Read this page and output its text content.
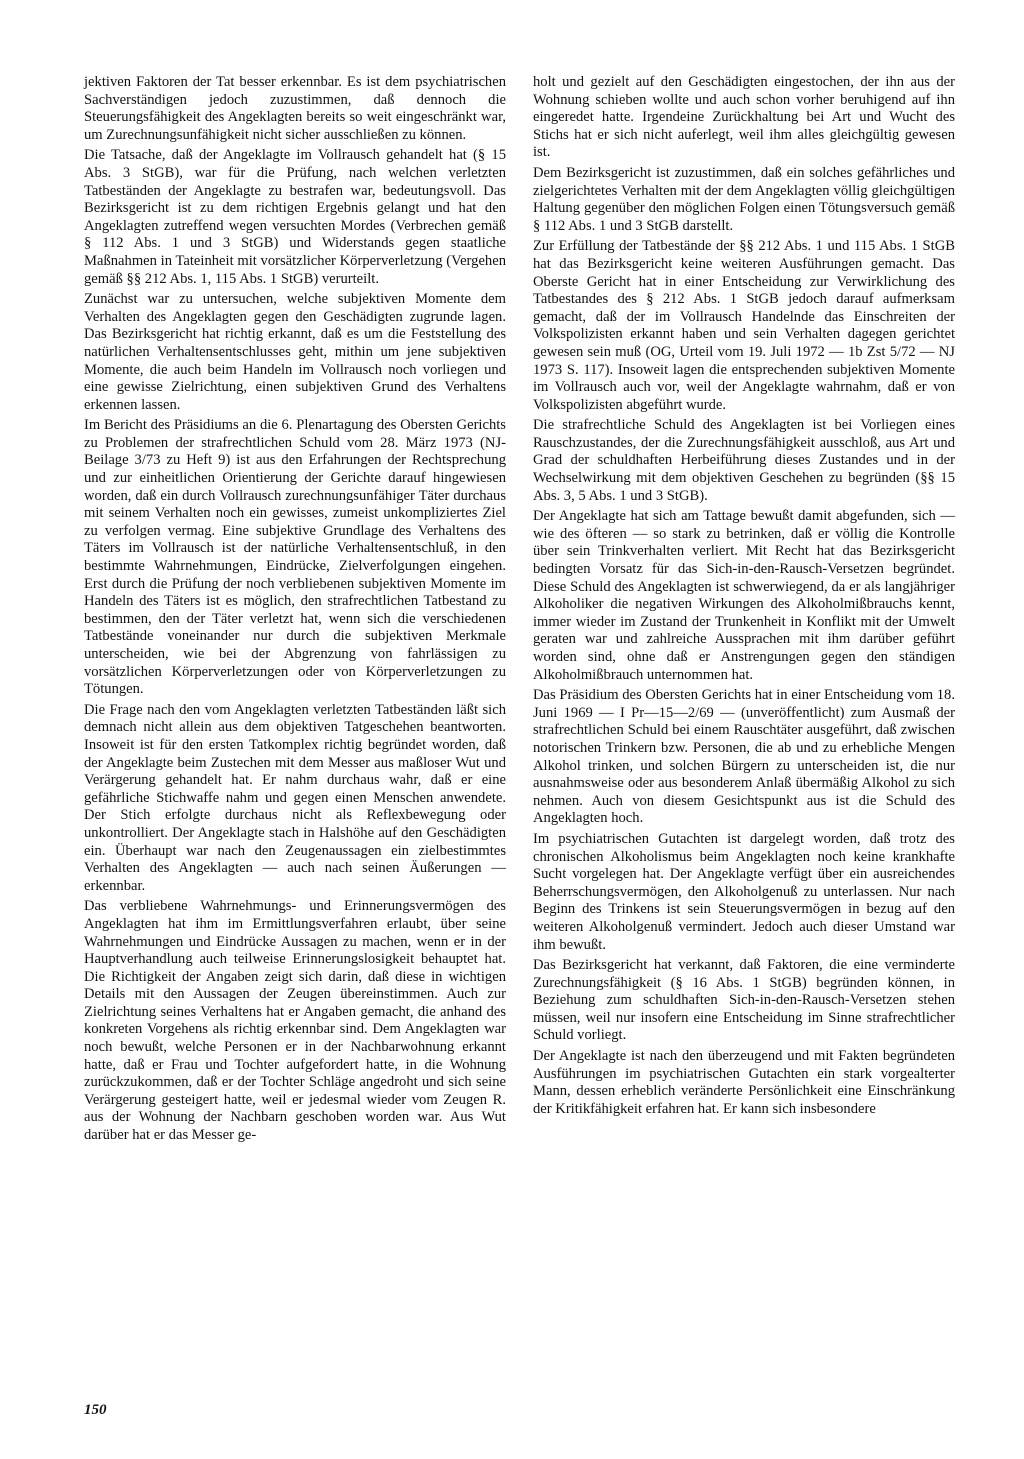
jektiven Faktoren der Tat besser erkennbar. Es ist dem psychiatrischen Sachverständigen jedoch zuzustimmen, daß dennoch die Steuerungsfähigkeit des Angeklagten bereits so weit eingeschränkt war, um Zurechnungsunfähigkeit nicht sicher ausschließen zu können.

Die Tatsache, daß der Angeklagte im Vollrausch gehandelt hat (§ 15 Abs. 3 StGB), war für die Prüfung, nach welchen verletzten Tatbeständen der Angeklagte zu bestrafen war, bedeutungsvoll. Das Bezirksgericht ist zu dem richtigen Ergebnis gelangt und hat den Angeklagten zutreffend wegen versuchten Mordes (Verbrechen gemäß § 112 Abs. 1 und 3 StGB) und Widerstands gegen staatliche Maßnahmen in Tateinheit mit vorsätzlicher Körperverletzung (Vergehen gemäß §§ 212 Abs. 1, 115 Abs. 1 StGB) verurteilt.

Zunächst war zu untersuchen, welche subjektiven Momente dem Verhalten des Angeklagten gegen den Geschädigten zugrunde lagen. Das Bezirksgericht hat richtig erkannt, daß es um die Feststellung des natürlichen Verhaltensentschlusses geht, mithin um jene subjektiven Momente, die auch beim Handeln im Vollrausch noch vorliegen und eine gewisse Zielrichtung, einen subjektiven Grund des Verhaltens erkennen lassen.

Im Bericht des Präsidiums an die 6. Plenartagung des Obersten Gerichts zu Problemen der strafrechtlichen Schuld vom 28. März 1973 (NJ-Beilage 3/73 zu Heft 9) ist aus den Erfahrungen der Rechtsprechung und zur einheitlichen Orientierung der Gerichte darauf hingewiesen worden, daß ein durch Vollrausch zurechnungsunfähiger Täter durchaus mit seinem Verhalten noch ein gewisses, zumeist unkompliziertes Ziel zu verfolgen vermag. Eine subjektive Grundlage des Verhaltens des Täters im Vollrausch ist der natürliche Verhaltensentschluß, in den bestimmte Wahrnehmungen, Eindrücke, Zielverfolgungen eingehen. Erst durch die Prüfung der noch verbliebenen subjektiven Momente im Handeln des Täters ist es möglich, den strafrechtlichen Tatbestand zu bestimmen, den der Täter verletzt hat, wenn sich die verschiedenen Tatbestände voneinander nur durch die subjektiven Merkmale unterscheiden, wie bei der Abgrenzung von fahrlässigen zu vorsätzlichen Körperverletzungen oder von Körperverletzungen zu Tötungen.

Die Frage nach den vom Angeklagten verletzten Tatbeständen läßt sich demnach nicht allein aus dem objektiven Tatgeschehen beantworten. Insoweit ist für den ersten Tatkomplex richtig begründet worden, daß der Angeklagte beim Zustechen mit dem Messer aus maßloser Wut und Verärgerung gehandelt hat. Er nahm durchaus wahr, daß er eine gefährliche Stichwaffe nahm und gegen einen Menschen anwendete. Der Stich erfolgte durchaus nicht als Reflexbewegung oder unkontrolliert. Der Angeklagte stach in Halshöhe auf den Geschädigten ein. Überhaupt war nach den Zeugenaussagen ein zielbestimmtes Verhalten des Angeklagten — auch nach seinen Äußerungen — erkennbar.

Das verbliebene Wahrnehmungs- und Erinnerungsvermögen des Angeklagten hat ihm im Ermittlungsverfahren erlaubt, über seine Wahrnehmungen und Eindrücke Aussagen zu machen, wenn er in der Hauptverhandlung auch teilweise Erinnerungslosigkeit behauptet hat. Die Richtigkeit der Angaben zeigt sich darin, daß diese in wichtigen Details mit den Aussagen der Zeugen übereinstimmen. Auch zur Zielrichtung seines Verhaltens hat er Angaben gemacht, die anhand des konkreten Vorgehens als richtig erkennbar sind. Dem Angeklagten war noch bewußt, welche Personen er in der Nachbarwohnung erkannt hatte, daß er Frau und Tochter aufgefordert hatte, in die Wohnung zurückzukommen, daß er der Tochter Schläge angedroht und sich seine Verärgerung gesteigert hatte, weil er jedesmal wieder vom Zeugen R. aus der Wohnung der Nachbarn geschoben worden war. Aus Wut darüber hat er das Messer ge-

holt und gezielt auf den Geschädigten eingestochen, der ihn aus der Wohnung schieben wollte und auch schon vorher beruhigend auf ihn eingeredet hatte. Irgendeine Zurückhaltung bei Art und Wucht des Stichs hat er sich nicht auferlegt, weil ihm alles gleichgültig gewesen ist.

Dem Bezirksgericht ist zuzustimmen, daß ein solches gefährliches und zielgerichtetes Verhalten mit der dem Angeklagten völlig gleichgültigen Haltung gegenüber den möglichen Folgen einen Tötungsversuch gemäß § 112 Abs. 1 und 3 StGB darstellt.

Zur Erfüllung der Tatbestände der §§ 212 Abs. 1 und 115 Abs. 1 StGB hat das Bezirksgericht keine weiteren Ausführungen gemacht. Das Oberste Gericht hat in einer Entscheidung zur Verwirklichung des Tatbestandes des § 212 Abs. 1 StGB jedoch darauf aufmerksam gemacht, daß der im Vollrausch Handelnde das Einschreiten der Volkspolizisten erkannt haben und sein Verhalten dagegen gerichtet gewesen sein muß (OG, Urteil vom 19. Juli 1972 — 1b Zst 5/72 — NJ 1973 S. 117). Insoweit lagen die entsprechenden subjektiven Momente im Vollrausch auch vor, weil der Angeklagte wahrnahm, daß er von Volkspolizisten abgeführt wurde.

Die strafrechtliche Schuld des Angeklagten ist bei Vorliegen eines Rauschzustandes, der die Zurechnungsfähigkeit ausschloß, aus Art und Grad der schuldhaften Herbeiführung dieses Zustandes und in der Wechselwirkung mit dem objektiven Geschehen zu begründen (§§ 15 Abs. 3, 5 Abs. 1 und 3 StGB).

Der Angeklagte hat sich am Tattage bewußt damit abgefunden, sich — wie des öfteren — so stark zu betrinken, daß er völlig die Kontrolle über sein Trinkverhalten verliert. Mit Recht hat das Bezirksgericht bedingten Vorsatz für das Sich-in-den-Rausch-Versetzen begründet. Diese Schuld des Angeklagten ist schwerwiegend, da er als langjähriger Alkoholiker die negativen Wirkungen des Alkoholmißbrauchs kennt, immer wieder im Zustand der Trunkenheit in Konflikt mit der Umwelt geraten war und zahlreiche Aussprachen mit ihm darüber geführt worden sind, ohne daß er Anstrengungen gegen den ständigen Alkoholmißbrauch unternommen hat.

Das Präsidium des Obersten Gerichts hat in einer Entscheidung vom 18. Juni 1969 — I Pr—15—2/69 — (unveröffentlicht) zum Ausmaß der strafrechtlichen Schuld bei einem Rauschtäter ausgeführt, daß zwischen notorischen Trinkern bzw. Personen, die ab und zu erhebliche Mengen Alkohol trinken, und solchen Bürgern zu unterscheiden ist, die nur ausnahmsweise oder aus besonderem Anlaß übermäßig Alkohol zu sich nehmen. Auch von diesem Gesichtspunkt aus ist die Schuld des Angeklagten hoch.

Im psychiatrischen Gutachten ist dargelegt worden, daß trotz des chronischen Alkoholismus beim Angeklagten noch keine krankhafte Sucht vorgelegen hat. Der Angeklagte verfügt über ein ausreichendes Beherrschungsvermögen, den Alkoholgenuß zu unterlassen. Nur nach Beginn des Trinkens ist sein Steuerungsvermögen in bezug auf den weiteren Alkoholgenuß vermindert. Jedoch auch dieser Umstand war ihm bewußt.

Das Bezirksgericht hat verkannt, daß Faktoren, die eine verminderte Zurechnungsfähigkeit (§ 16 Abs. 1 StGB) begründen können, in Beziehung zum schuldhaften Sich-in-den-Rausch-Versetzen stehen müssen, weil nur insofern eine Entscheidung im Sinne strafrechtlicher Schuld vorliegt.

Der Angeklagte ist nach den überzeugend und mit Fakten begründeten Ausführungen im psychiatrischen Gutachten ein stark vorgealterter Mann, dessen erheblich veränderte Persönlichkeit eine Einschränkung der Kritikfähigkeit erfahren hat. Er kann sich insbesondere

150
